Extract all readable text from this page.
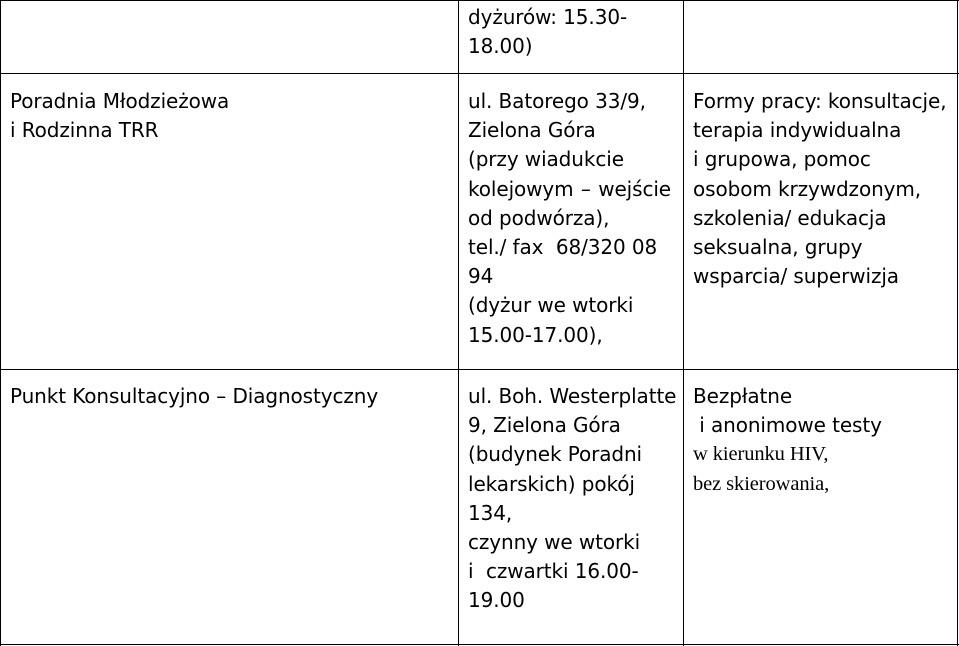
dyżurów: 15.30-
18.00)
Poradnia Młodzieżowa
i Rodzinna TRR
ul. Batorego 33/9,
Zielona Góra
(przy wiadukcie
kolejowym – wejście
od podwórza),
tel./ fax  68/320 08
94
(dyżur we wtorki
15.00-17.00),
Formy pracy: konsultacje,
terapia indywidualna
i grupowa, pomoc
osobom krzywdzonym,
szkolenia/ edukacja
seksualna, grupy
wsparcia/ superwizja
Punkt Konsultacyjno – Diagnostyczny	ul. Boh. Westerplatte
9, Zielona Góra
(budynek Poradni
lekarskich) pokój
134,
czynny we wtorki
i  czwartki 16.00-
19.00
Bezpłatne
i anonimowe testy
w kierunku HIV,
bez skierowania,
